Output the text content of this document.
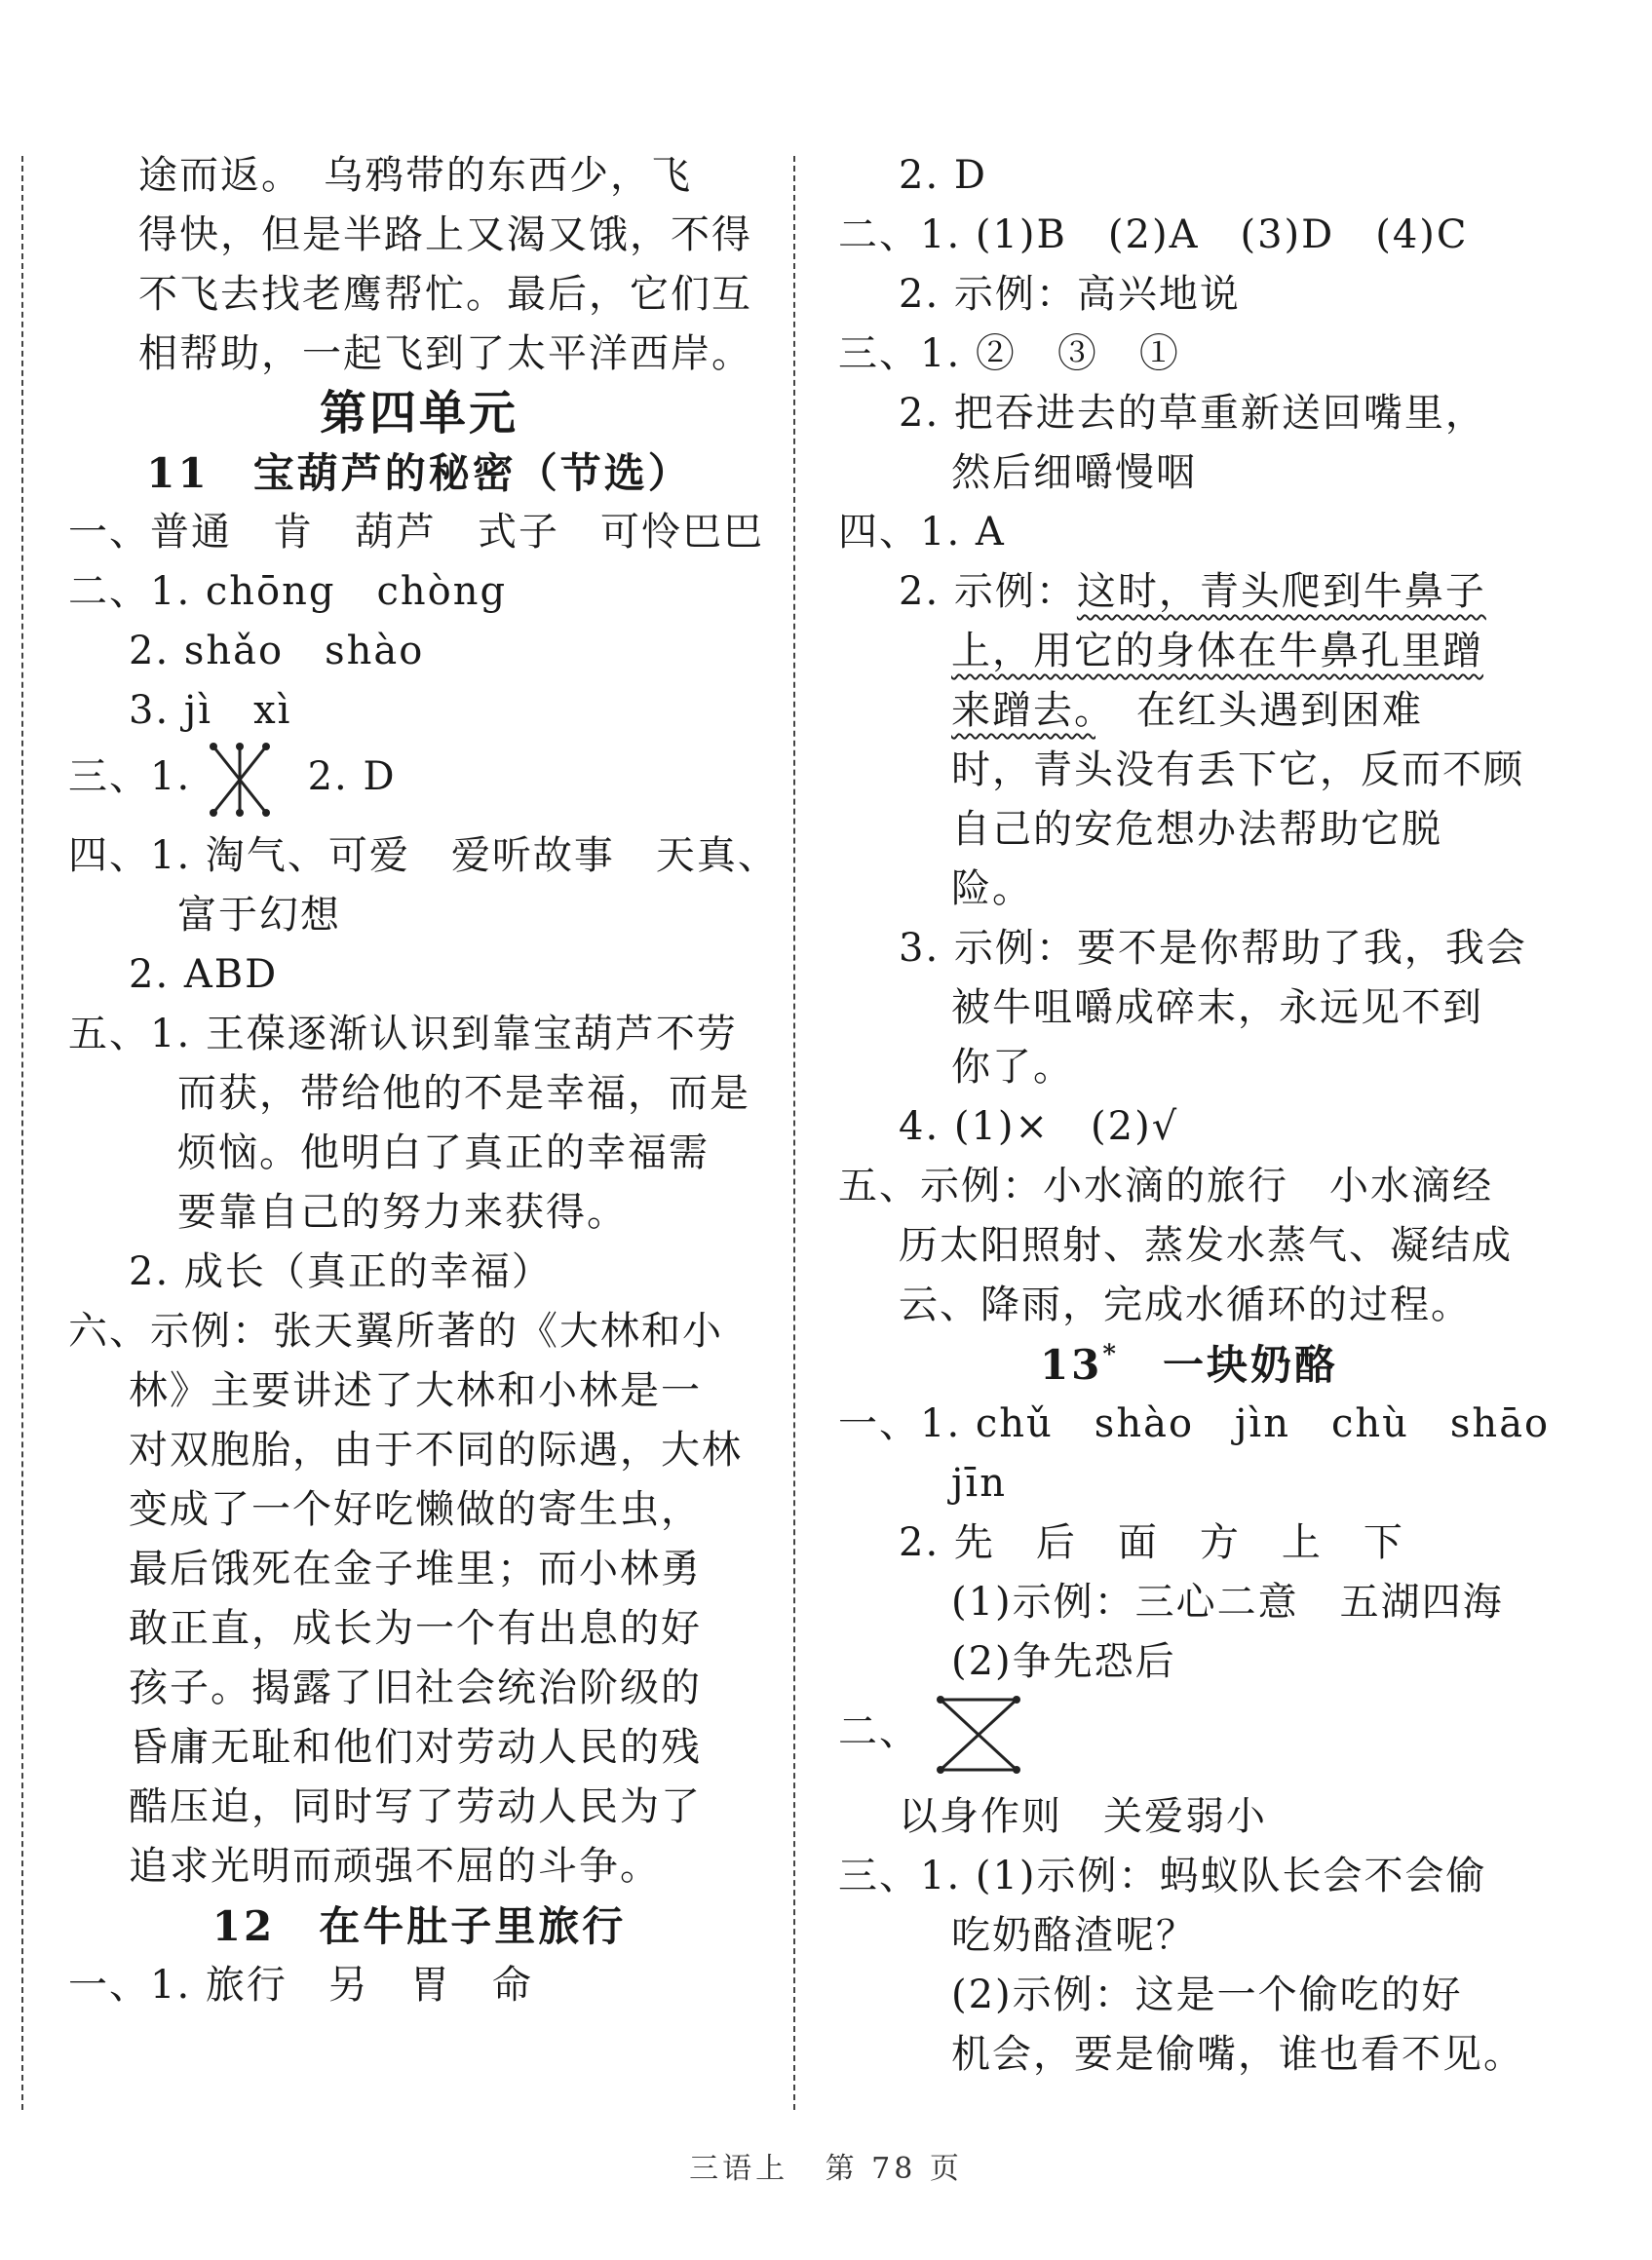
途而返。　乌鸦带的东西少，飞
得快，但是半路上又渴又饿，不得
不飞去找老鹰帮忙。最后，它们互
相帮助，一起飞到了太平洋西岸。
第四单元
11　宝葫芦的秘密（节选）
一、普通　肯　葫芦　式子　可怜巴巴
二、1. chōng　chòng
2. shǎo　shào
3. jì　xì
三、1.	2. D
四、1. 淘气、可爱　爱听故事　天真、
富于幻想
2. ABD
五、1. 王葆逐渐认识到靠宝葫芦不劳
而获，带给他的不是幸福，而是
烦恼。他明白了真正的幸福需
要靠自己的努力来获得。
2. 成长（真正的幸福）
六、示例：张天翼所著的《大林和小
林》主要讲述了大林和小林是一
对双胞胎，由于不同的际遇，大林
变成了一个好吃懒做的寄生虫，
最后饿死在金子堆里；而小林勇
敢正直，成长为一个有出息的好
孩子。揭露了旧社会统治阶级的
昏庸无耻和他们对劳动人民的残
酷压迫，同时写了劳动人民为了
追求光明而顽强不屈的斗争。
12　在牛肚子里旅行
一、1. 旅行　另　胃　命
2. D
二、1. (1)B　(2)A　(3)D　(4)C
2. 示例：高兴地说
三、1. ②　③　①
2. 把吞进去的草重新送回嘴里，
然后细嚼慢咽
四、1. A
2. 示例：这时，青头爬到牛鼻子
上，用它的身体在牛鼻孔里蹭
来蹭去。　在红头遇到困难
时，青头没有丢下它，反而不顾
自己的安危想办法帮助它脱
险。
3. 示例：要不是你帮助了我，我会
被牛咀嚼成碎末，永远见不到
你了。
4. (1)×　(2)√
五、示例：小水滴的旅行　小水滴经
历太阳照射、蒸发水蒸气、凝结成
云、降雨，完成水循环的过程。
13*　 一块奶酪
一、1. chǔ　shào　jìn　chù　shāo
jīn
2. 先　后　面　方　上　下
(1)示例：三心二意　五湖四海
(2)争先恐后
二、
以身作则　关爱弱小
三、1. (1)示例：蚂蚁队长会不会偷
吃奶酪渣呢？
(2)示例：这是一个偷吃的好
机会，要是偷嘴，谁也看不见。
三语上 第 78 页
